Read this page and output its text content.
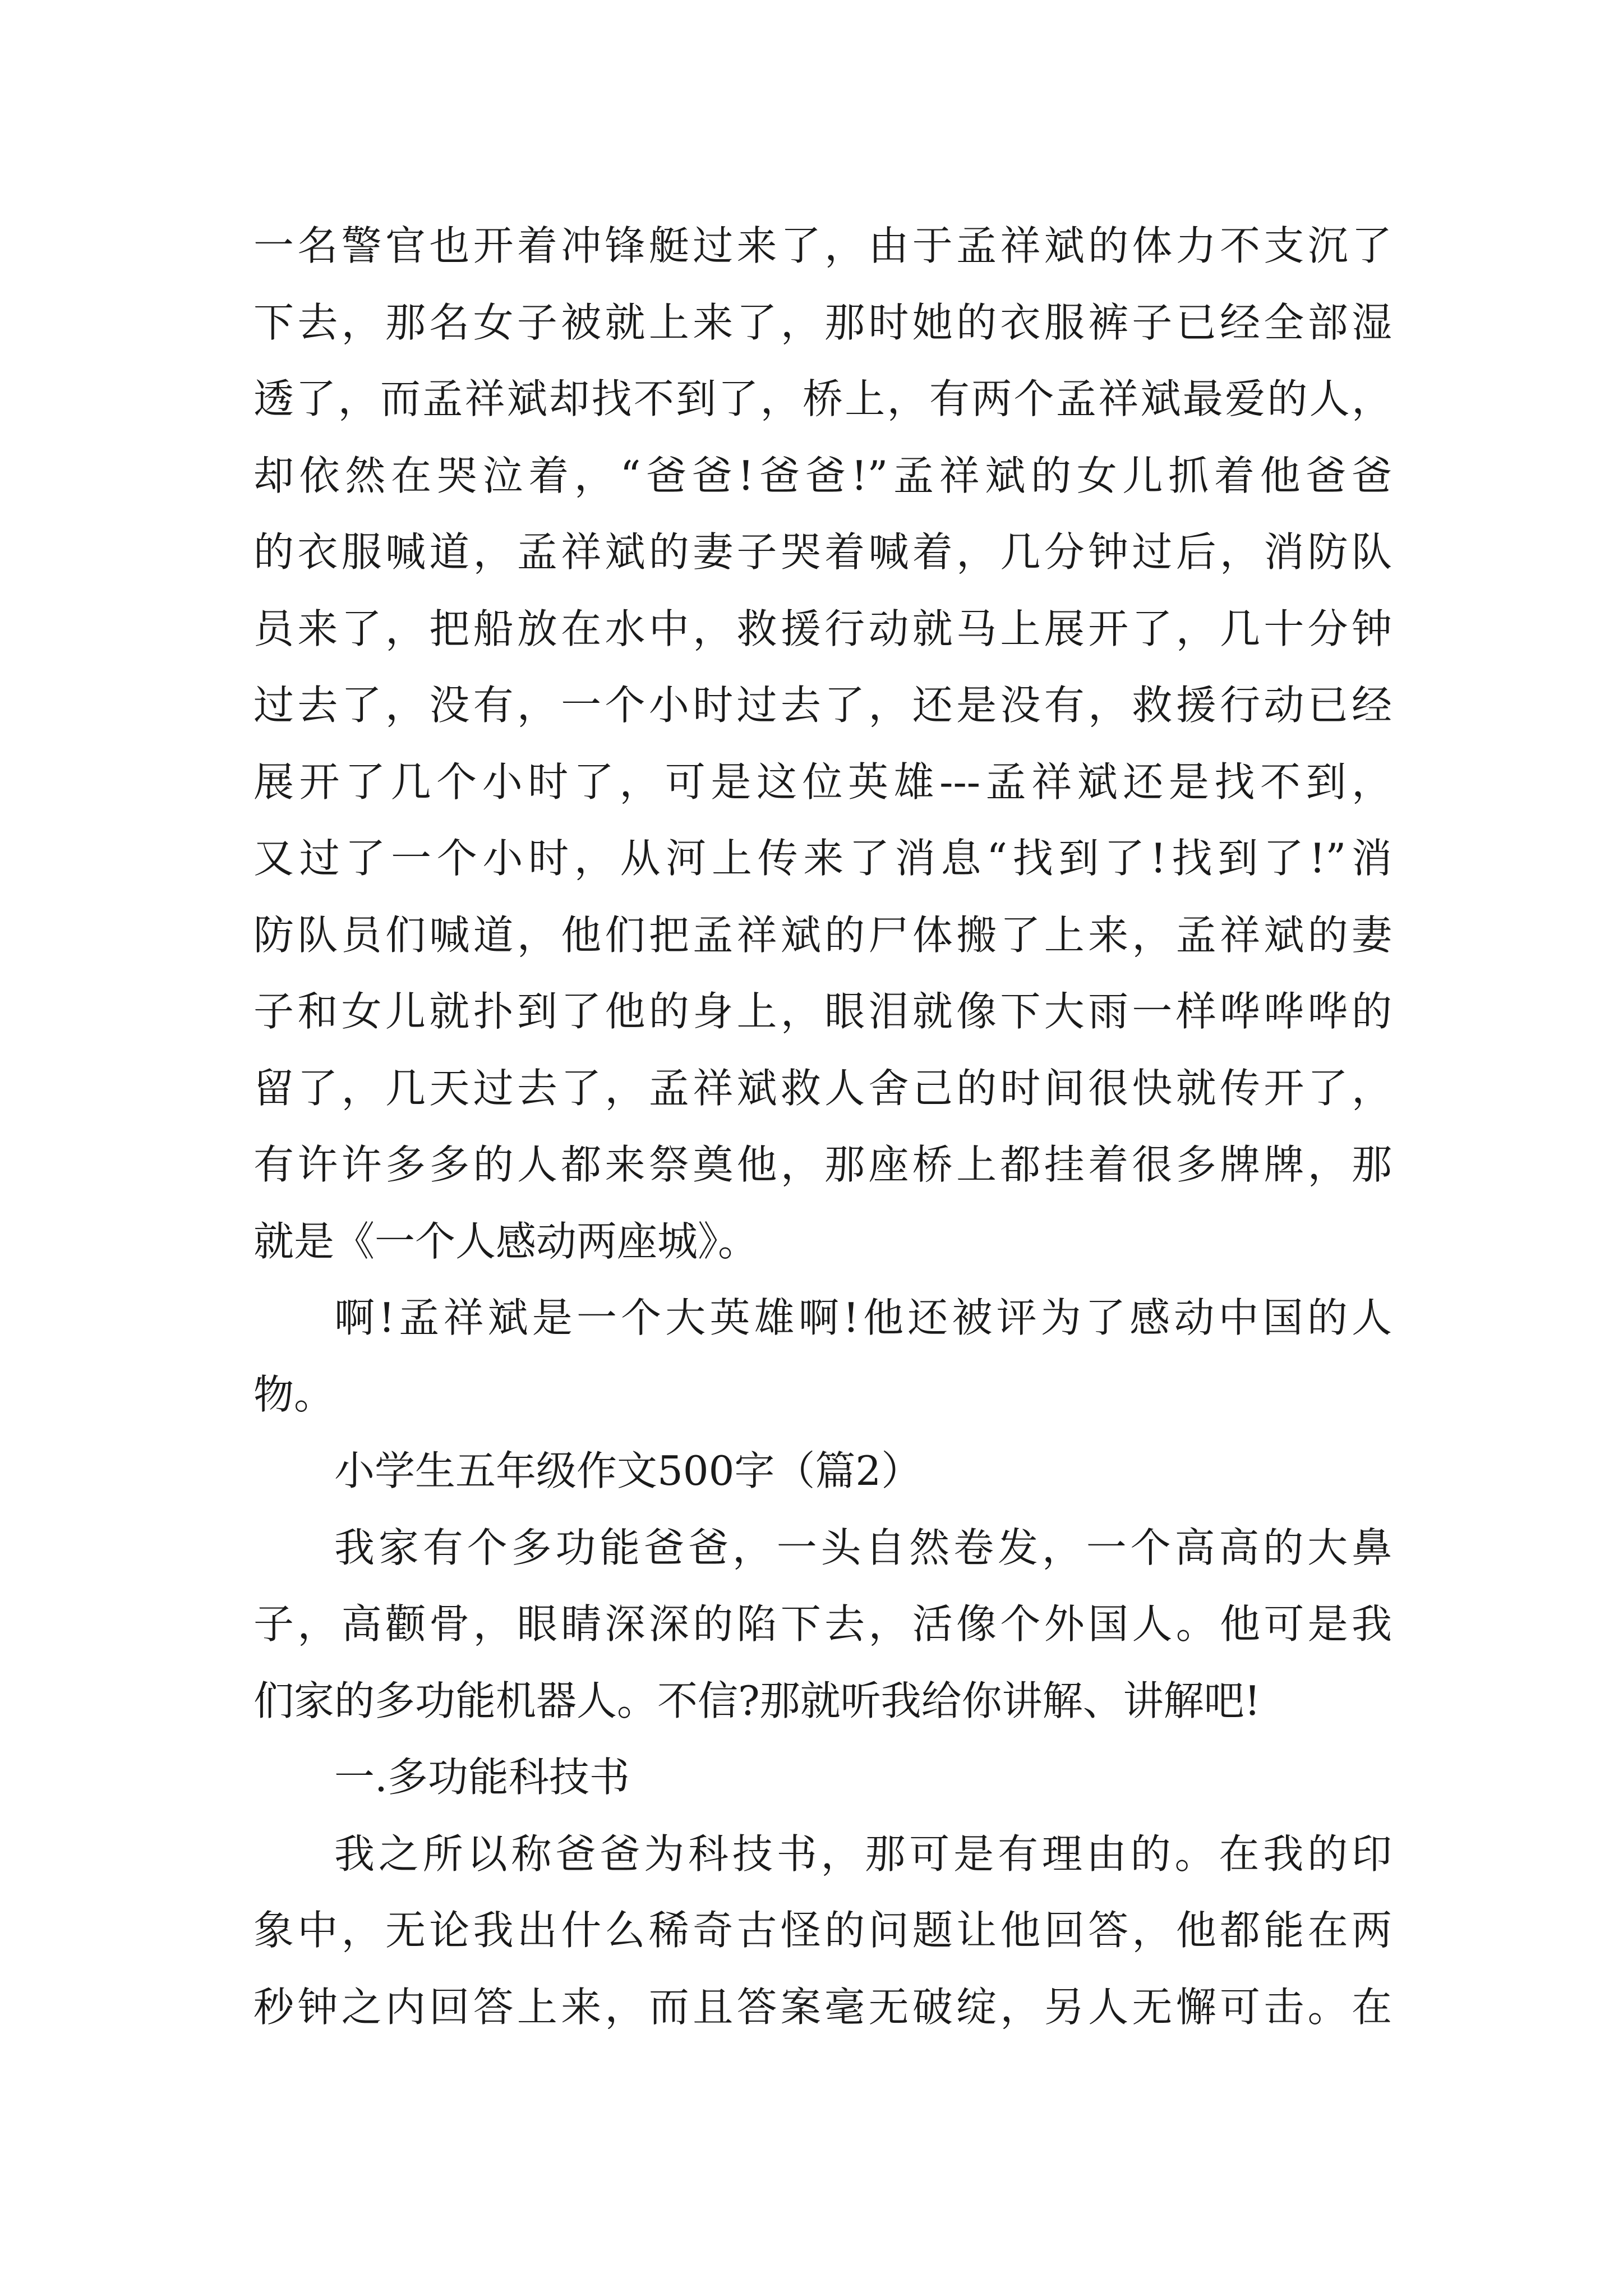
一名警官也开着冲锋艇过来了，由于孟祥斌的体力不支沉了
下去，那名女子被就上来了，那时她的衣服裤子已经全部湿
透了，而孟祥斌却找不到了，桥上，有两个孟祥斌最爱的人，
却依然在哭泣着，“爸爸!爸爸!”孟祥斌的女儿抓着他爸爸
的衣服喊道，孟祥斌的妻子哭着喊着，几分钟过后，消防队
员来了，把船放在水中，救援行动就马上展开了，几十分钟
过去了，没有，一个小时过去了，还是没有，救援行动已经
展开了几个小时了，可是这位英雄---孟祥斌还是找不到，
又过了一个小时，从河上传来了消息“找到了!找到了!”消
防队员们喊道，他们把孟祥斌的尸体搬了上来，孟祥斌的妻
子和女儿就扑到了他的身上，眼泪就像下大雨一样哗哗哗的
留了，几天过去了，孟祥斌救人舍己的时间很快就传开了，
有许许多多的人都来祭奠他，那座桥上都挂着很多牌牌，那
就是《一个人感动两座城》。
啊!孟祥斌是一个大英雄啊!他还被评为了感动中国的人
物。
小学生五年级作文500字（篇2）
我家有个多功能爸爸，一头自然卷发，一个高高的大鼻
子，高颧骨，眼睛深深的陷下去，活像个外国人。他可是我
们家的多功能机器人。不信?那就听我给你讲解、讲解吧!
一.多功能科技书
我之所以称爸爸为科技书，那可是有理由的。在我的印
象中，无论我出什么稀奇古怪的问题让他回答，他都能在两
秒钟之内回答上来，而且答案毫无破绽，另人无懈可击。在
